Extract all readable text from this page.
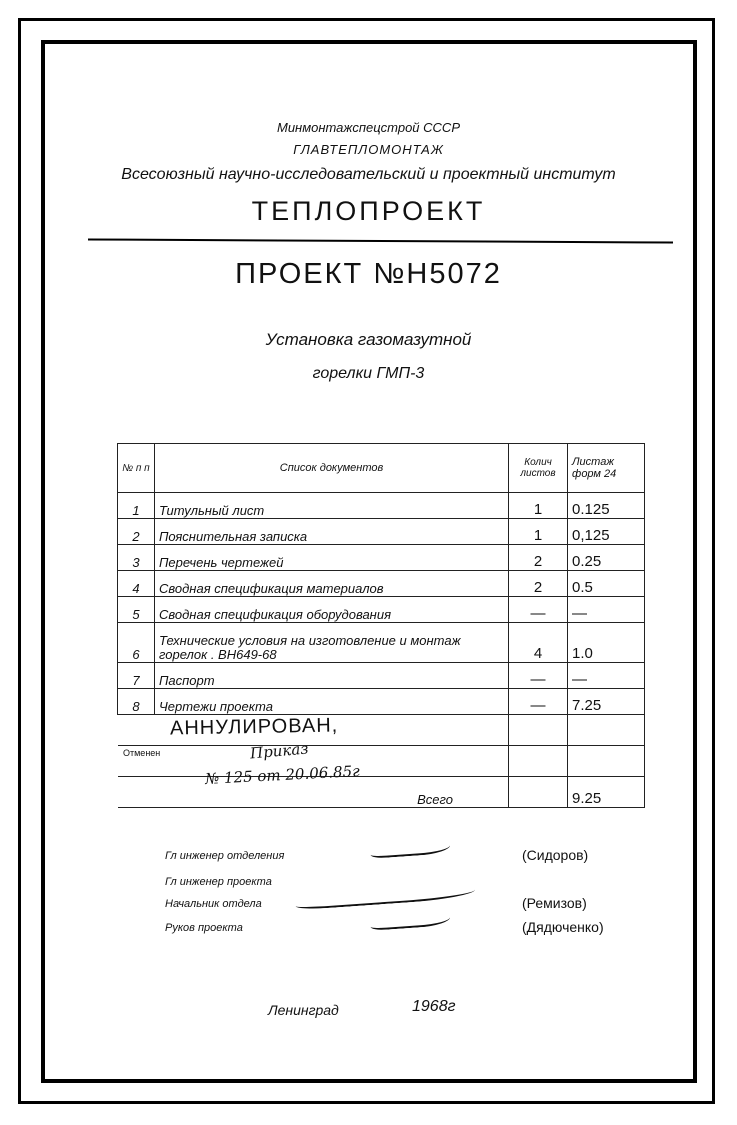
Минмонтажспецстрой СССР
ГЛАВТЕПЛОМОНТАЖ
Всесоюзный научно-исследовательский и проектный институт
ТЕПЛОПРОЕКТ
ПРОЕКТ №Н5072
Установка газомазутной
горелки ГМП-3
№ п п	Список документов	Колич листов	Листаж форм 24
1	Титульный лист	1	0.125
2	Пояснительная записка	1	0,125
3	Перечень чертежей	2	0.25
4	Сводная спецификация материалов	2	0.5
5	Сводная спецификация оборудования	—	—
6	Технические условия на изготовление и монтаж горелок . ВН649-68	4	1.0
7	Паспорт	—	—
8	Чертежи проекта	—	7.25

Всего			9.25
АННУЛИРОВАН,
Отменен	Приказ
№ 125 от 20.06.85г
Гл инженер отделения	(Сидоров)
Гл инженер проекта
Начальник отдела	(Ремизов)
Руков проекта	(Дядюченко)
Ленинград	1968г
